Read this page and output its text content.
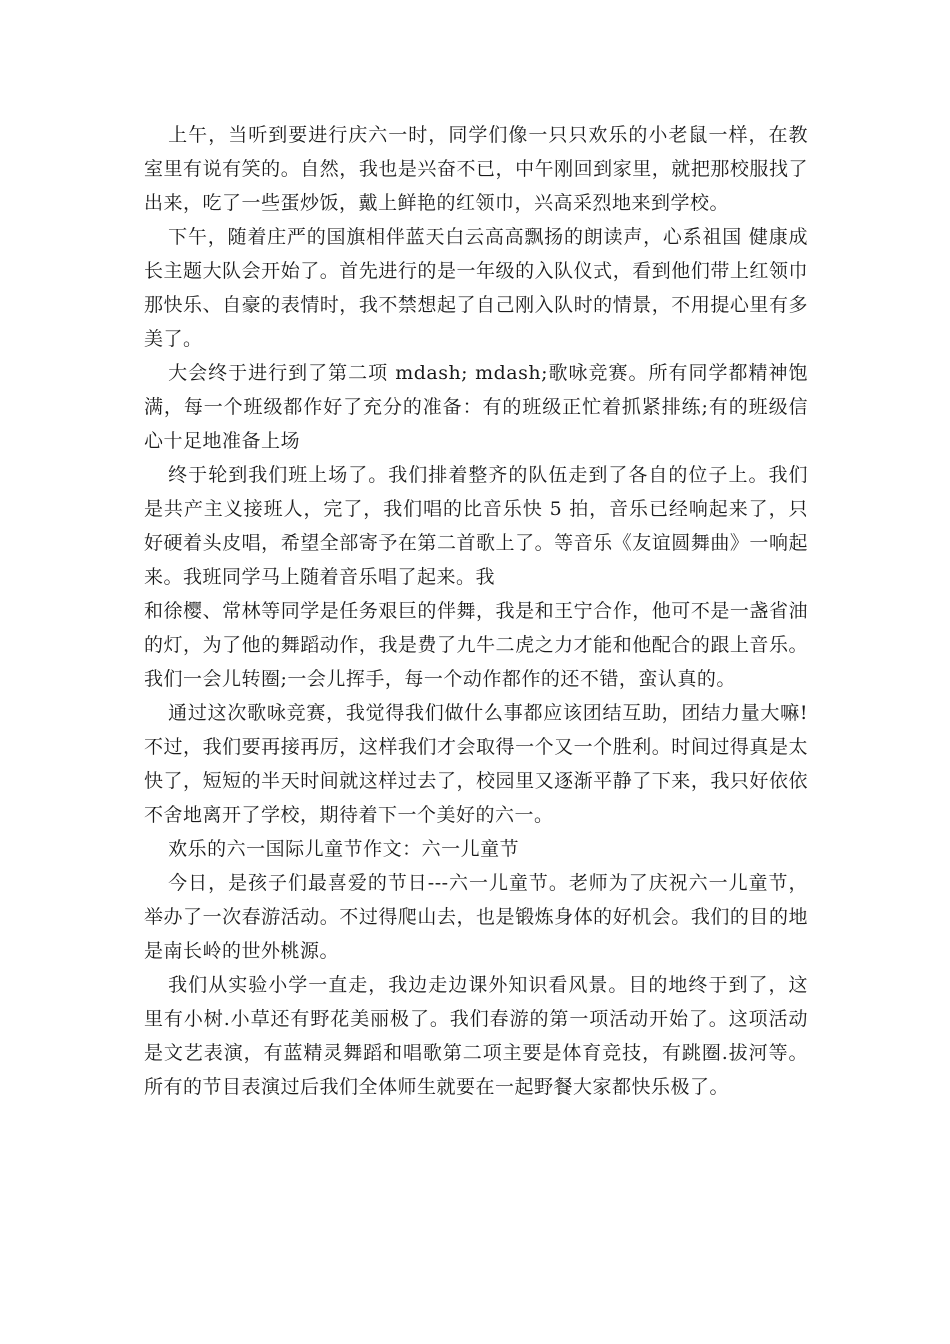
上午，当听到要进行庆六一时，同学们像一只只欢乐的小老鼠一样，在教室里有说有笑的。自然，我也是兴奋不已，中午刚回到家里，就把那校服找了出来，吃了一些蛋炒饭，戴上鲜艳的红领巾，兴高采烈地来到学校。

下午，随着庄严的国旗相伴蓝天白云高高飘扬的朗读声，心系祖国 健康成长主题大队会开始了。首先进行的是一年级的入队仪式，看到他们带上红领巾那快乐、自豪的表情时，我不禁想起了自己刚入队时的情景，不用提心里有多美了。

大会终于进行到了第二项 mdash; mdash;歌咏竞赛。所有同学都精神饱满，每一个班级都作好了充分的准备：有的班级正忙着抓紧排练;有的班级信心十足地准备上场

终于轮到我们班上场了。我们排着整齐的队伍走到了各自的位子上。我们是共产主义接班人，完了，我们唱的比音乐快 5 拍，音乐已经响起来了，只好硬着头皮唱，希望全部寄予在第二首歌上了。等音乐《友谊圆舞曲》一响起来。我班同学马上随着音乐唱了起来。我

和徐樱、常林等同学是任务艰巨的伴舞，我是和王宁合作，他可不是一盏省油的灯，为了他的舞蹈动作，我是费了九牛二虎之力才能和他配合的跟上音乐。我们一会儿转圈;一会儿挥手，每一个动作都作的还不错，蛮认真的。

通过这次歌咏竞赛，我觉得我们做什么事都应该团结互助，团结力量大嘛!不过，我们要再接再厉，这样我们才会取得一个又一个胜利。时间过得真是太快了，短短的半天时间就这样过去了，校园里又逐渐平静了下来，我只好依依不舍地离开了学校，期待着下一个美好的六一。

欢乐的六一国际儿童节作文：六一儿童节

今日，是孩子们最喜爱的节日---六一儿童节。老师为了庆祝六一儿童节，举办了一次春游活动。不过得爬山去，也是锻炼身体的好机会。我们的目的地是南长岭的世外桃源。

我们从实验小学一直走，我边走边课外知识看风景。目的地终于到了，这里有小树.小草还有野花美丽极了。我们春游的第一项活动开始了。这项活动是文艺表演，有蓝精灵舞蹈和唱歌第二项主要是体育竞技，有跳圈.拔河等。所有的节目表演过后我们全体师生就要在一起野餐大家都快乐极了。
